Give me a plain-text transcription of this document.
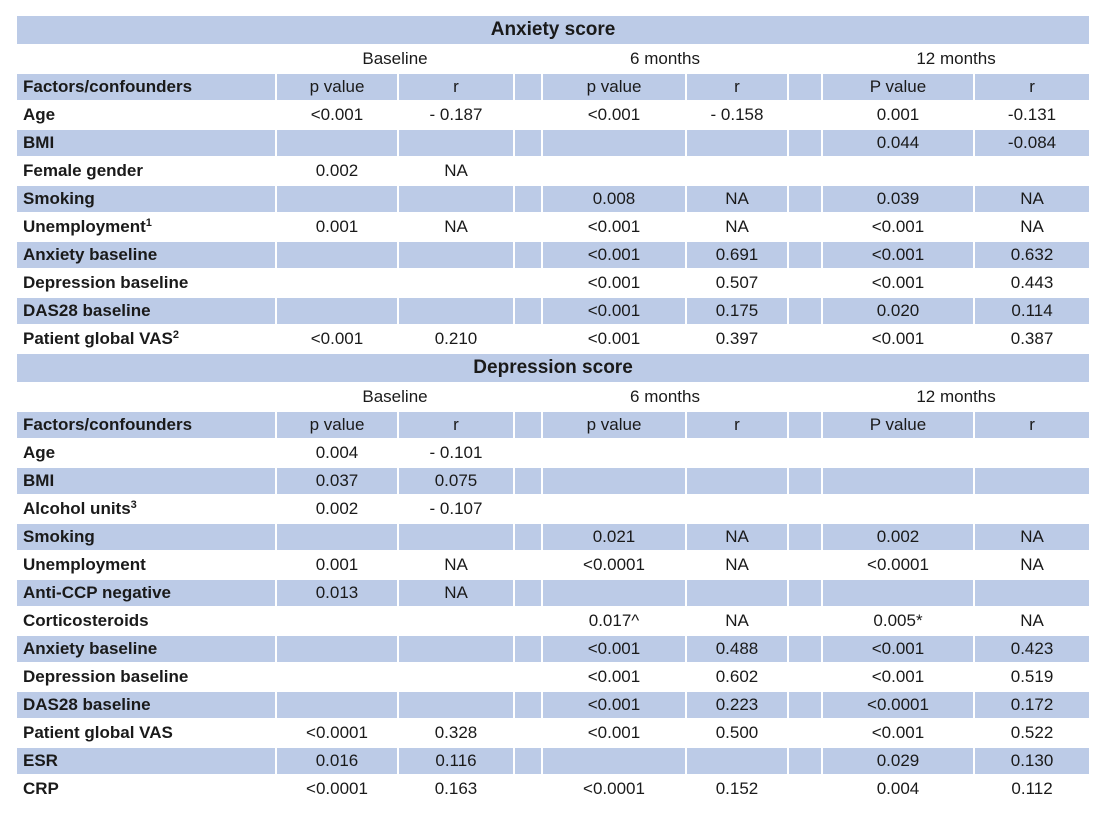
Anxiety score								
	Baseline			6 months			12 months	
Factors/confounders	p value	r		p value	r		P value	r
Age	<0.001	- 0.187		<0.001	- 0.158		0.001	-0.131
BMI							0.044	-0.084
Female gender	0.002	NA						
Smoking				0.008	NA		0.039	NA
Unemployment$^1$	0.001	NA		<0.001	NA		<0.001	NA
Anxiety baseline				<0.001	0.691		<0.001	0.632
Depression baseline				<0.001	0.507		<0.001	0.443
DAS28 baseline				<0.001	0.175		0.020	0.114
Patient global $VAS^2$	<0.001	0.210		<0.001	0.397		<0.001	0.387
Depression score								
	Baseline			6 months			12 months	
Factors/confounders	p value	r		p value	r		P value	r
Age	0.004	- 0.101						
BMI	0.037	0.075						
Alcohol units$^3$	0.002	- 0.107						
Smoking				0.021	NA		0.002	NA
Unemployment	0.001	NA		<0.0001	NA		<0.0001	NA
Anti-CCP negative	0.013	NA						
Corticosteroids				0.017^	NA		0.005*	NA
Anxiety baseline				<0.001	0.488		<0.001	0.423
Depression baseline				<0.001	0.602		<0.001	0.519
DAS28 baseline				<0.001	0.223		<0.0001	0.172
Patient global VAS	<0.0001	0.328		<0.001	0.500		<0.001	0.522
ESR	0.016	0.116					0.029	0.130
CRP	<0.0001	0.163		<0.0001	0.152		0.004	0.112
